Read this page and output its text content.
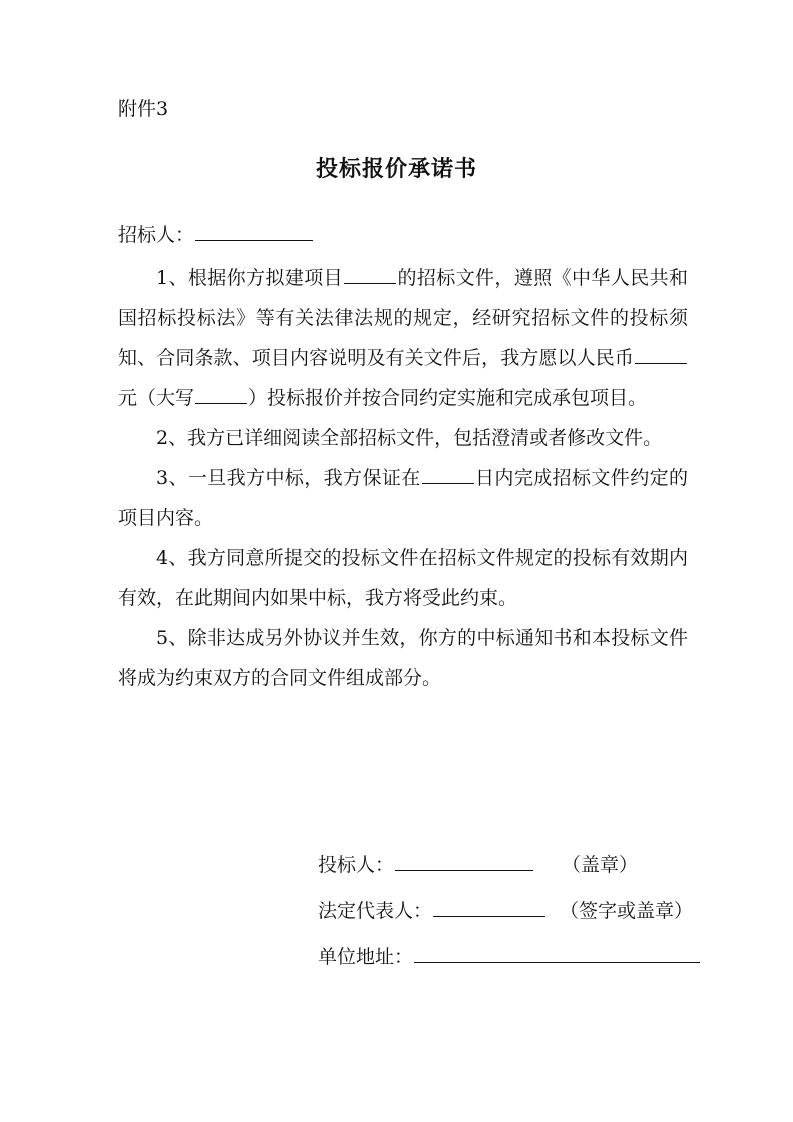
附件3
投标报价承诺书
招标人：

1、根据你方拟建项目	的招标文件，遵照《中华人民共和国招标投标法》等有关法律法规的规定，经研究招标文件的投标须知、合同条款、项目内容说明及有关文件后，我方愿以人民币元（大写	）投标报价并按合同约定实施和完成承包项目。

2、我方已详细阅读全部招标文件，包括澄清或者修改文件。

3、一旦我方中标，我方保证在	日内完成招标文件约定的项目内容。

4、我方同意所提交的投标文件在招标文件规定的投标有效期内有效，在此期间内如果中标，我方将受此约束。

5、除非达成另外协议并生效，你方的中标通知书和本投标文件将成为约束双方的合同文件组成部分。

投标人：	（盖章）
法定代表人：	（签字或盖章）
单位地址：
